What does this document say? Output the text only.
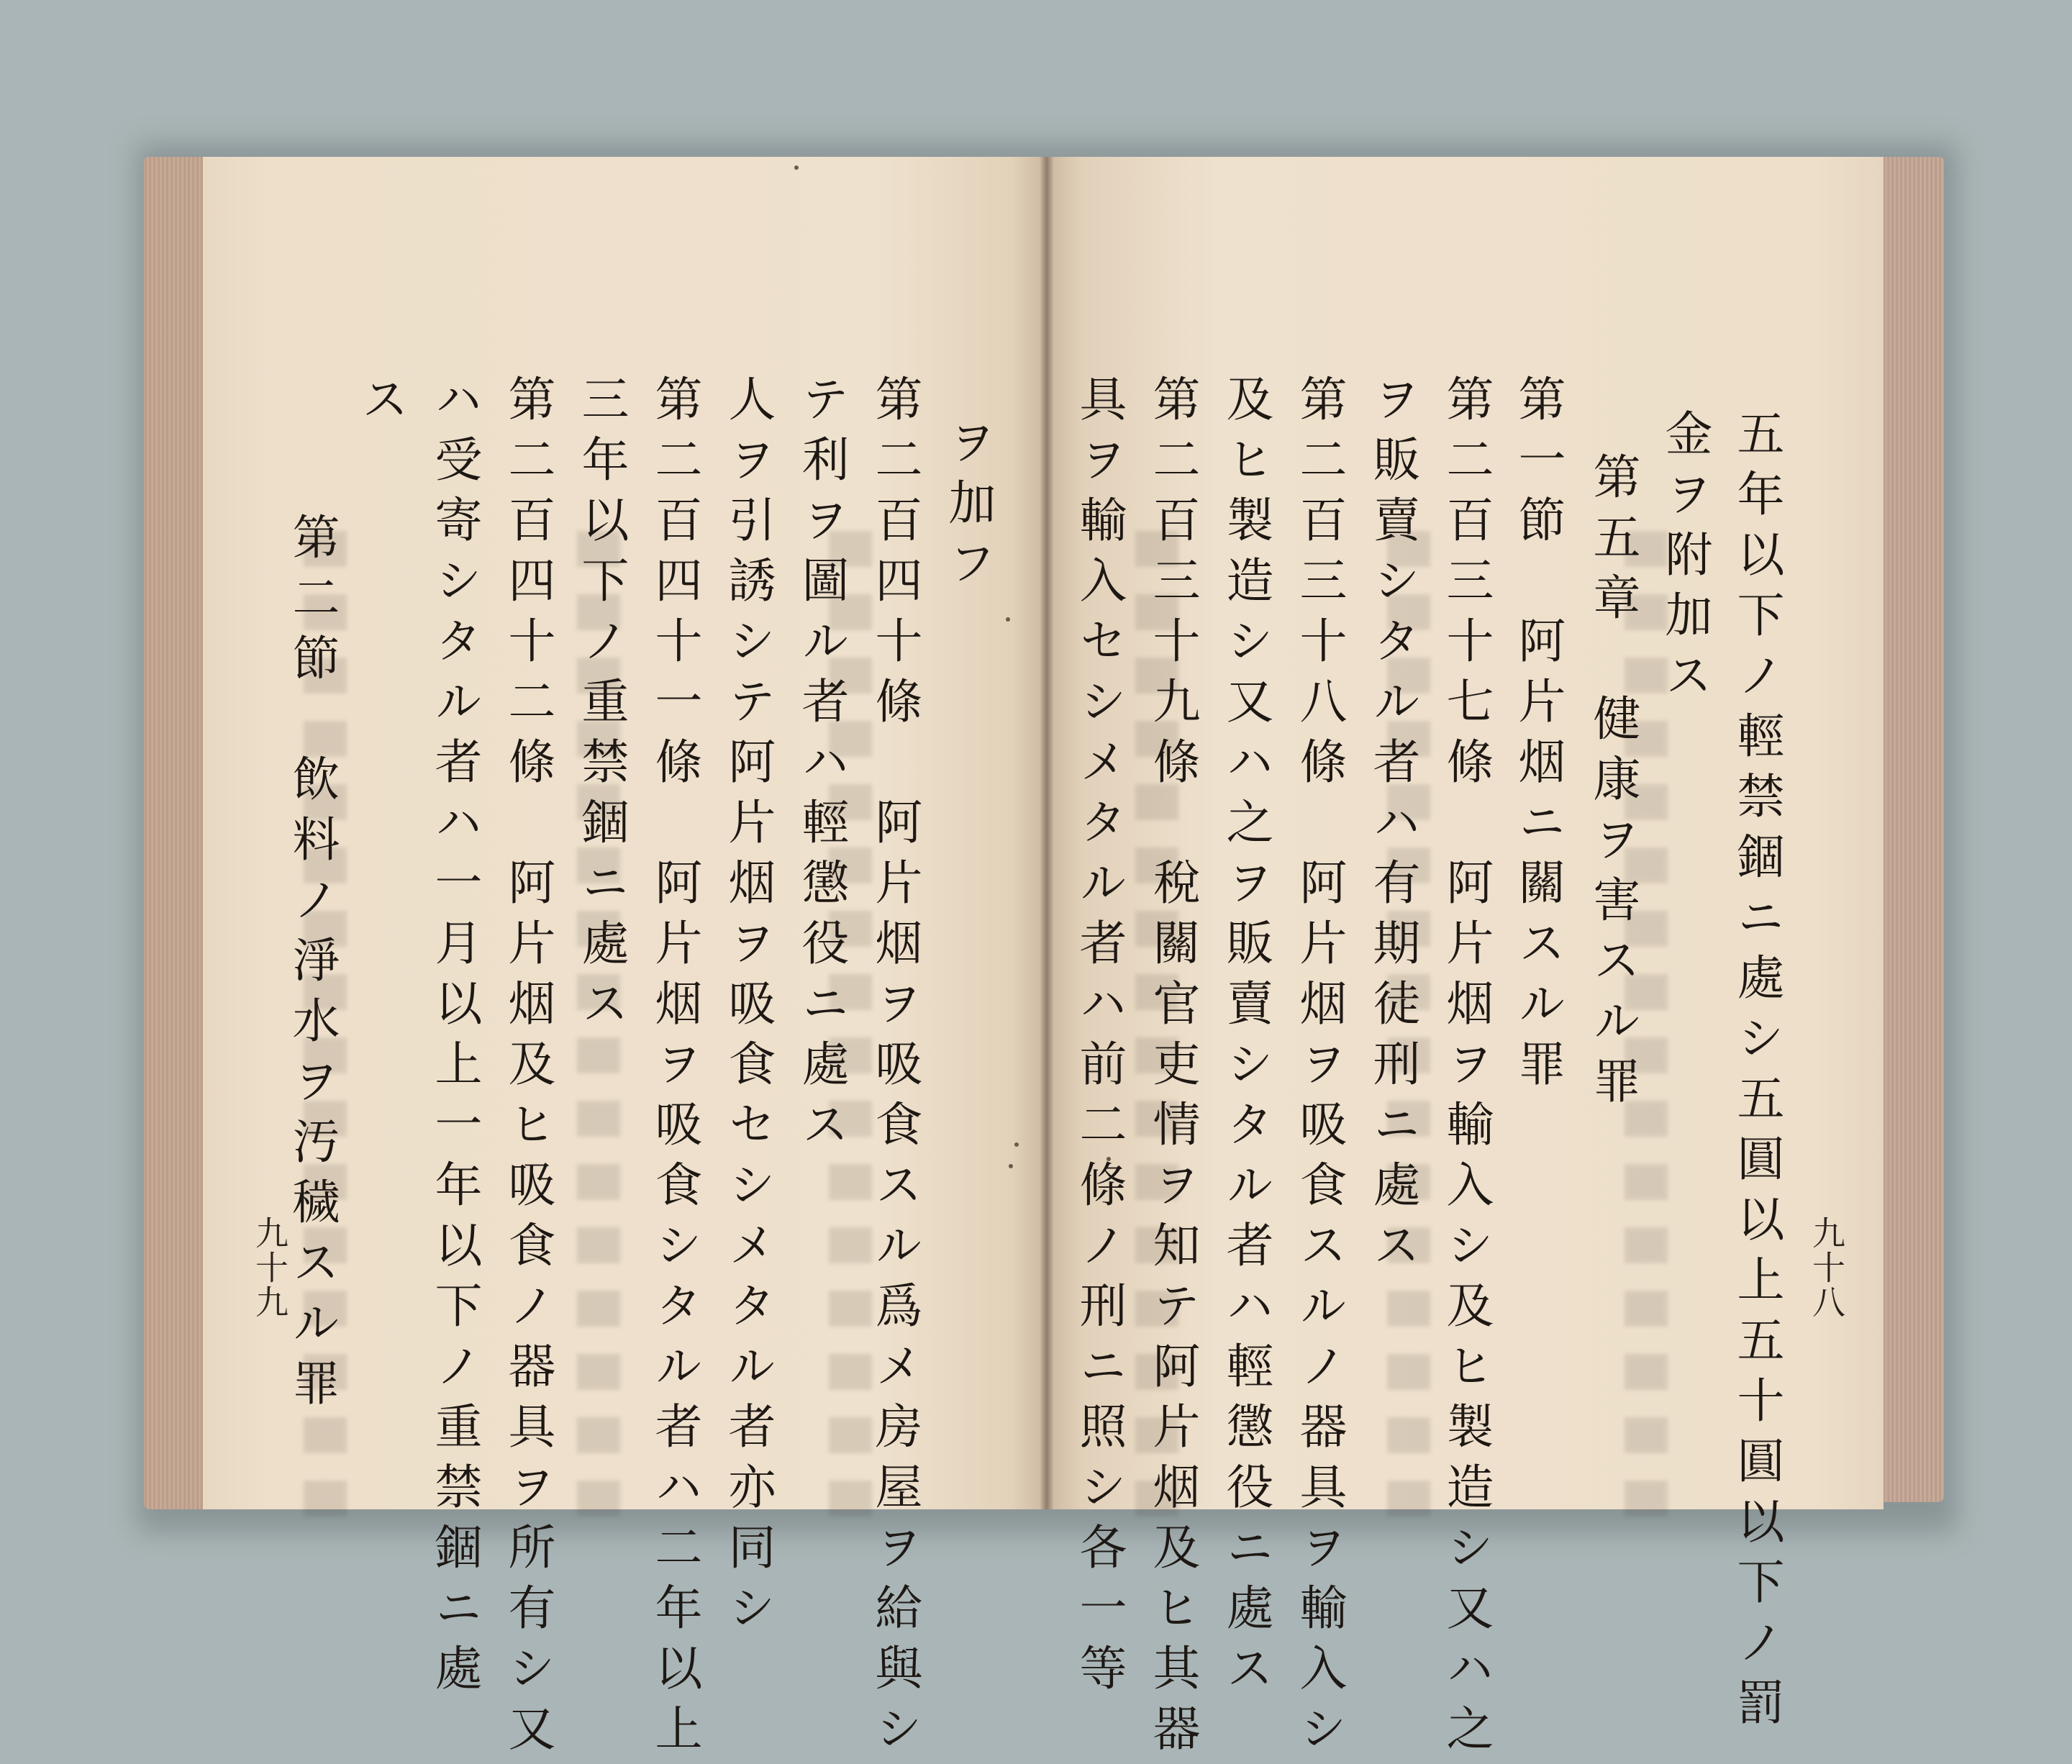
五年以下ノ輕禁錮ニ處シ五圓以上五十圓以下ノ罰
金ヲ附加ス
第五章　健康ヲ害スル罪
第一節　阿片烟ニ關スル罪
第二百三十七條　阿片烟ヲ輸入シ及ヒ製造シ又ハ之
ヲ販賣シタル者ハ有期徒刑ニ處ス
第二百三十八條　阿片烟ヲ吸食スルノ器具ヲ輸入シ
及ヒ製造シ又ハ之ヲ販賣シタル者ハ輕懲役ニ處ス
第二百三十九條　稅關官吏情ヲ知テ阿片烟及ヒ其器
具ヲ輸入セシメタル者ハ前二條ノ刑ニ照シ各一等	九十八
ヲ加フ
第二百四十條　阿片烟ヲ吸食スル爲メ房屋ヲ給與シ
テ利ヲ圖ル者ハ輕懲役ニ處ス
人ヲ引誘シテ阿片烟ヲ吸食セシメタル者亦同シ
第二百四十一條　阿片烟ヲ吸食シタル者ハ二年以上
三年以下ノ重禁錮ニ處ス
第二百四十二條　阿片烟及ヒ吸食ノ器具ヲ所有シ又
ハ受寄シタル者ハ一月以上一年以下ノ重禁錮ニ處
ス
第二節　飲料ノ淨水ヲ汚穢スル罪
九十九
